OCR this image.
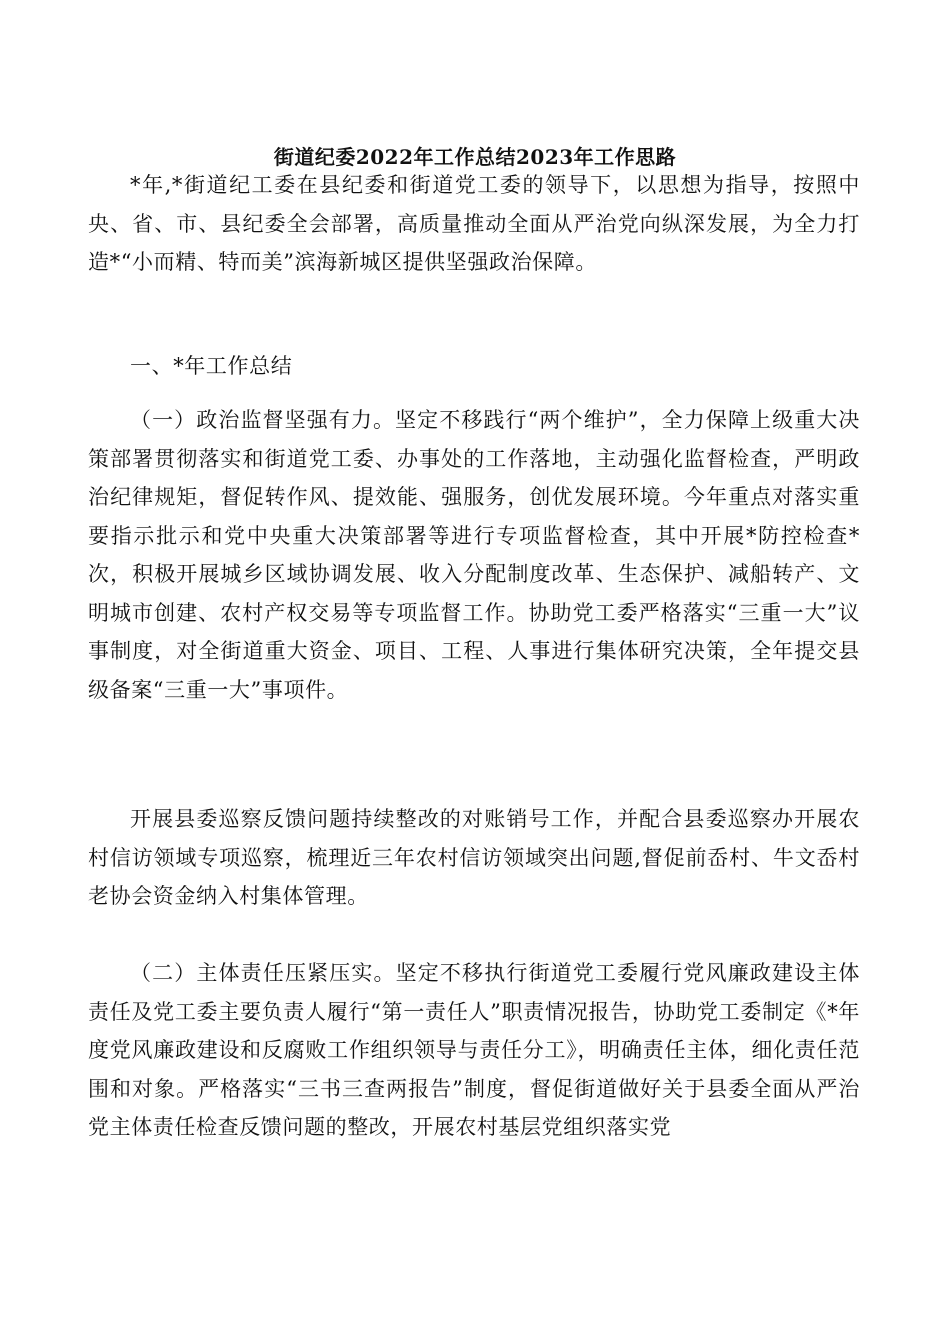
街道纪委2022年工作总结2023年工作思路

*年,*街道纪工委在县纪委和街道党工委的领导下，以思想为指导，按照中央、省、市、县纪委全会部署，高质量推动全面从严治党向纵深发展，为全力打造*“小而精、特而美”滨海新城区提供坚强政治保障。

一、*年工作总结

（一）政治监督坚强有力。坚定不移践行“两个维护”，全力保障上级重大决策部署贯彻落实和街道党工委、办事处的工作落地，主动强化监督检查，严明政治纪律规矩，督促转作风、提效能、强服务，创优发展环境。今年重点对落实重要指示批示和党中央重大决策部署等进行专项监督检查，其中开展*防控检查*次，积极开展城乡区域协调发展、收入分配制度改革、生态保护、减船转产、文明城市创建、农村产权交易等专项监督工作。协助党工委严格落实“三重一大”议事制度，对全街道重大资金、项目、工程、人事进行集体研究决策，全年提交县级备案“三重一大”事项件。

开展县委巡察反馈问题持续整改的对账销号工作，并配合县委巡察办开展农村信访领域专项巡察，梳理近三年农村信访领域突出问题,督促前岙村、牛文岙村老协会资金纳入村集体管理。

（二）主体责任压紧压实。坚定不移执行街道党工委履行党风廉政建设主体责任及党工委主要负责人履行“第一责任人”职责情况报告，协助党工委制定《*年度党风廉政建设和反腐败工作组织领导与责任分工》，明确责任主体，细化责任范围和对象。严格落实“三书三查两报告”制度，督促街道做好关于县委全面从严治党主体责任检查反馈问题的整改，开展农村基层党组织落实党
